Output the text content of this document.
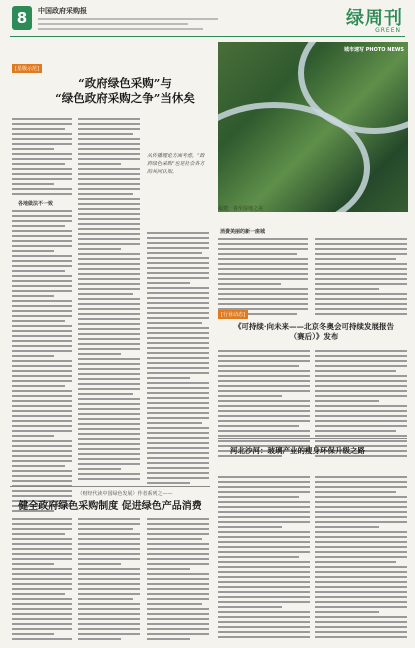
8	中国政府采购报	绿周刊
GREEN
[星级示范]
“政府绿色采购”与
“绿色政府采购之争”当休矣
各地做法不一致
从传播理论方面考虑，“政府绿色采购”也是社会各方的共同认知。
消费美丽的新一座城
城市速写 PHOTO NEWS
福建：春至湿地之美
[行业动态]
《可持续·向未来——北京冬奥会可持续发展报告（赛后）》发布
河北沙河：玻璃产业的瘦身环保升级之路
（财经代读中国绿色发展）作者系列之——
健全政府绿色采购制度 促进绿色产品消费
